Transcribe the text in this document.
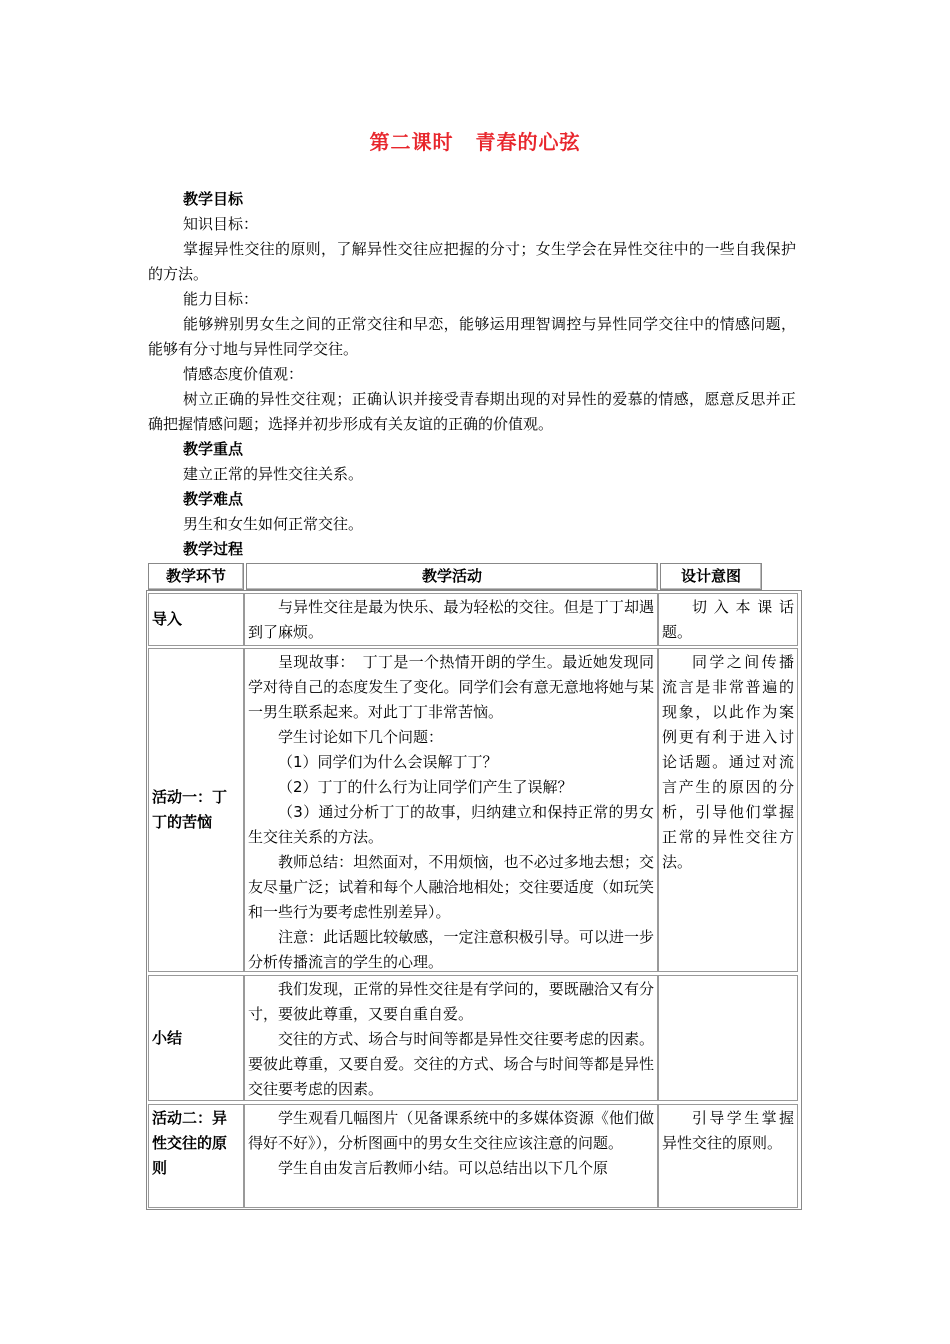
第二课时 青春的心弦
教学目标
知识目标：
掌握异性交往的原则，了解异性交往应把握的分寸；女生学会在异性交往中的一些自我保护的方法。
能力目标：
能够辨别男女生之间的正常交往和早恋，能够运用理智调控与异性同学交往中的情感问题，能够有分寸地与异性同学交往。
情感态度价值观：
树立正确的异性交往观；正确认识并接受青春期出现的对异性的爱慕的情感，愿意反思并正确把握情感问题；选择并初步形成有关友谊的正确的价值观。
教学重点
建立正常的异性交往关系。
教学难点
男生和女生如何正常交往。
教学过程
教学环节	教学活动	设计意图
导入

与异性交往是最为快乐、最为轻松的交往。但是丁丁却遇到了麻烦。

切入本课话题。

活动一：丁丁的苦恼

呈现故事：　丁丁是一个热情开朗的学生。最近她发现同学对待自己的态度发生了变化。同学们会有意无意地将她与某一男生联系起来。对此丁丁非常苦恼。

学生讨论如下几个问题：

（1）同学们为什么会误解丁丁？

（2）丁丁的什么行为让同学们产生了误解？

（3）通过分析丁丁的故事，归纳建立和保持正常的男女生交往关系的方法。

教师总结：坦然面对，不用烦恼，也不必过多地去想；交友尽量广泛；试着和每个人融洽地相处；交往要适度（如玩笑和一些行为要考虑性别差异）。

注意：此话题比较敏感，一定注意积极引导。可以进一步分析传播流言的学生的心理。

同学之间传播流言是非常普遍的现象，以此作为案例更有利于进入讨论话题。通过对流言产生的原因的分析，引导他们掌握正常的异性交往方法。

小结

我们发现，正常的异性交往是有学问的，要既融洽又有分寸，要彼此尊重，又要自重自爱。

交往的方式、场合与时间等都是异性交往要考虑的因素。要彼此尊重，又要自爱。交往的方式、场合与时间等都是异性交往要考虑的因素。

活动二：异性交往的原则

学生观看几幅图片（见备课系统中的多媒体资源《他们做得好不好》），分析图画中的男女生交往应该注意的问题。

学生自由发言后教师小结。可以总结出以下几个原

引导学生掌握异性交往的原则。
